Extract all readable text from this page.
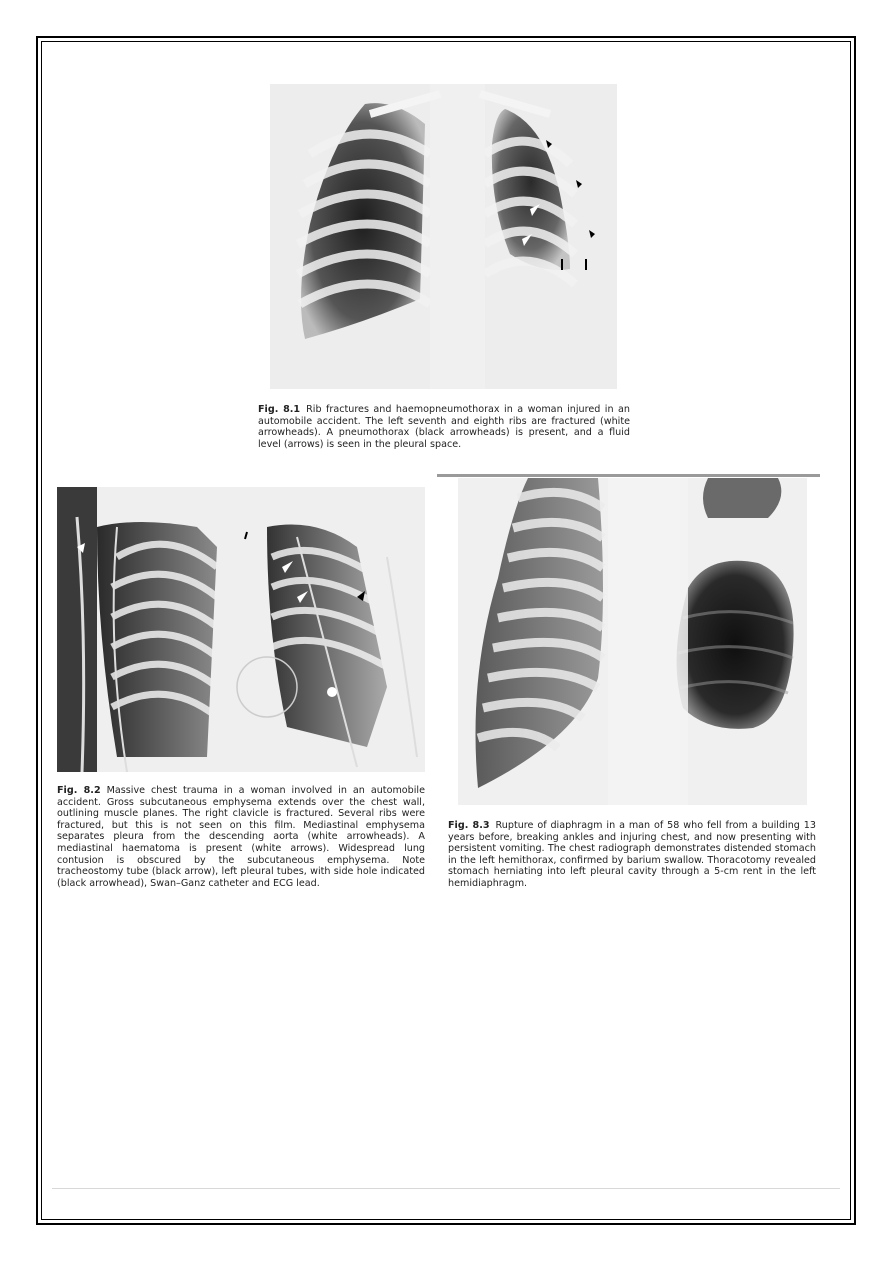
Fig. 8.1 Rib fractures and haemopneumothorax in a woman injured in an automobile accident. The left seventh and eighth ribs are fractured (white arrowheads). A pneumothorax (black arrowheads) is present, and a fluid level (arrows) is seen in the pleural space.
Fig. 8.2 Massive chest trauma in a woman involved in an automobile accident. Gross subcutaneous emphysema extends over the chest wall, outlining muscle planes. The right clavicle is fractured. Several ribs were fractured, but this is not seen on this film. Mediastinal emphysema separates pleura from the descending aorta (white arrowheads). A mediastinal haematoma is present (white arrows). Widespread lung contusion is obscured by the subcutaneous emphysema. Note tracheostomy tube (black arrow), left pleural tubes, with side hole indicated (black arrowhead), Swan–Ganz catheter and ECG lead.
Fig. 8.3 Rupture of diaphragm in a man of 58 who fell from a building 13 years before, breaking ankles and injuring chest, and now presenting with persistent vomiting. The chest radiograph demonstrates distended stomach in the left hemithorax, confirmed by barium swallow. Thoracotomy revealed stomach herniating into left pleural cavity through a 5-cm rent in the left hemidiaphragm.
